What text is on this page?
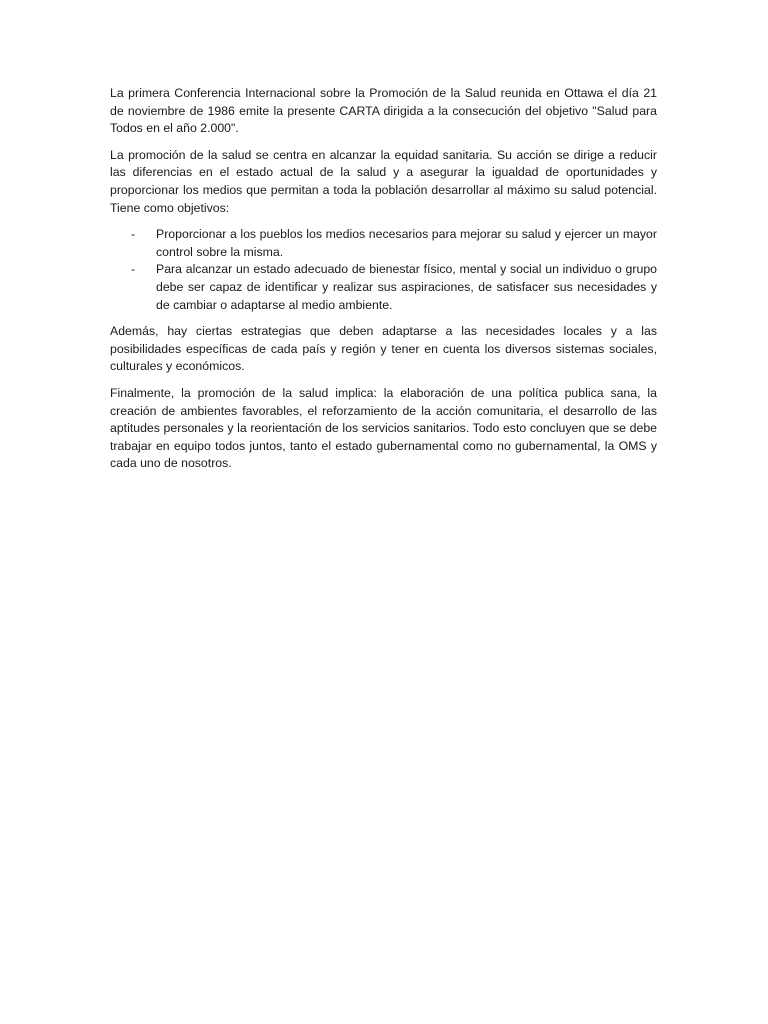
La primera Conferencia Internacional sobre la Promoción de la Salud reunida en Ottawa el día 21 de noviembre de 1986 emite la presente CARTA dirigida a la consecución del objetivo "Salud para Todos en el año 2.000".

La promoción de la salud se centra en alcanzar la equidad sanitaria. Su acción se dirige a reducir las diferencias en el estado actual de la salud y a asegurar la igualdad de oportunidades y proporcionar los medios que permitan a toda la población desarrollar al máximo su salud potencial. Tiene como objetivos:

- Proporcionar a los pueblos los medios necesarios para mejorar su salud y ejercer un mayor control sobre la misma.
- Para alcanzar un estado adecuado de bienestar físico, mental y social un individuo o grupo debe ser capaz de identificar y realizar sus aspiraciones, de satisfacer sus necesidades y de cambiar o adaptarse al medio ambiente.

Además, hay ciertas estrategias que deben adaptarse a las necesidades locales y a las posibilidades específicas de cada país y región y tener en cuenta los diversos sistemas sociales, culturales y económicos.

Finalmente, la promoción de la salud implica: la elaboración de una política publica sana, la creación de ambientes favorables, el reforzamiento de la acción comunitaria, el desarrollo de las aptitudes personales y la reorientación de los servicios sanitarios. Todo esto concluyen que se debe trabajar en equipo todos juntos, tanto el estado gubernamental como no gubernamental, la OMS y cada uno de nosotros.
